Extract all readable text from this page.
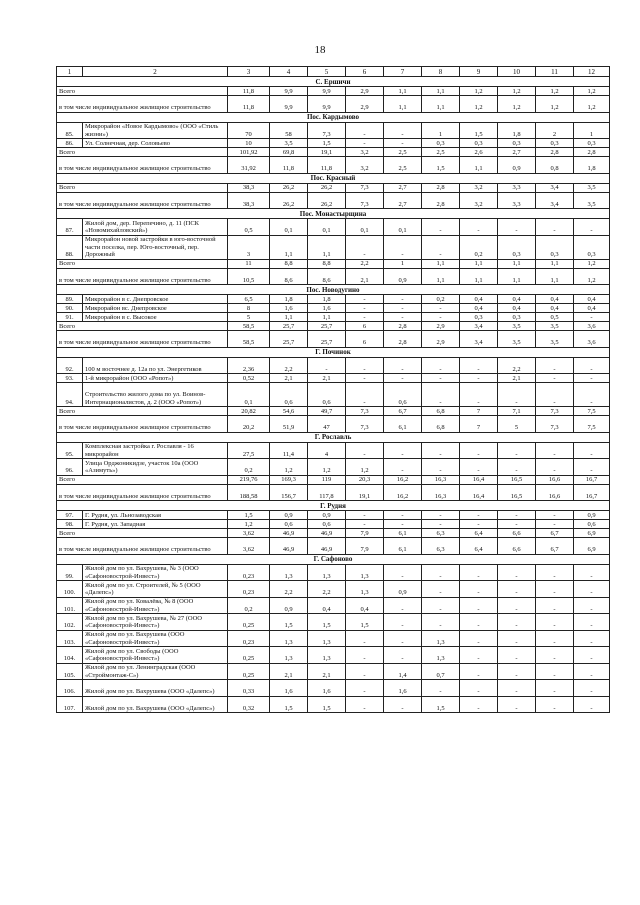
18
1	2	3	4	5	6	7	8	9	10	11	12
С. Ершичи											
Всего		11,8	9,9	9,9	2,9	1,1	1,1	1,2	1,2	1,2	1,2
в том числе индивидуальное жилищное строительство		11,8	9,9	9,9	2,9	1,1	1,1	1,2	1,2	1,2	1,2
Пос. Кардымово											
85.	Микрорайон «Новое Кардымово» (ООО «Стиль жизни»)	70	58	7,3	-	-	1	1,5	1,8	2	1
86.	Ул. Солнечная, дер. Соловьево	10	3,5	1,5	-	-	0,3	0,3	0,3	0,3	0,3
Всего		101,92	69,8	19,1	3,2	2,5	2,5	2,6	2,7	2,8	2,8
в том числе индивидуальное жилищное строительство		31,92	11,8	11,8	3,2	2,5	1,5	1,1	0,9	0,8	1,8
Пос. Красный											
Всего		38,3	26,2	26,2	7,3	2,7	2,8	3,2	3,3	3,4	3,5
в том числе индивидуальное жилищное строительство		38,3	26,2	26,2	7,3	2,7	2,8	3,2	3,3	3,4	3,5
Пос. Монастырщина											
87.	Жилой дом, дер. Перепечино, д. 11 (ПСК «Новомихайловский»)	0,5	0,1	0,1	0,1	0,1	-	-	-	-	-
88.	Микрорайон новой застройки в юго-восточной части поселка, пер. Юго-восточный, пер. Дорожный	3	1,1	1,1	-	-	-	0,2	0,3	0,3	0,3
Всего		11	8,8	8,8	2,2	1	1,1	1,1	1,1	1,1	1,2
в том числе индивидуальное жилищное строительство		10,5	8,6	8,6	2,1	0,9	1,1	1,1	1,1	1,1	1,2
Пос. Новодугино											
89.	Микрорайон в с. Днепровское	6,5	1,8	1,8	-	-	0,2	0,4	0,4	0,4	0,4
90.	Микрорайон вс. Днепровское	8	1,6	1,6	-	-	-	0,4	0,4	0,4	0,4
91.	Микрорайон в с. Высокое	5	1,1	1,1	-	-	-	0,3	0,3	0,5	-
Всего		58,5	25,7	25,7	6	2,8	2,9	3,4	3,5	3,5	3,6
в том числе индивидуальное жилищное строительство		58,5	25,7	25,7	6	2,8	2,9	3,4	3,5	3,5	3,6
Г. Починок											
92.	100 м восточнее д. 12а по ул. Энергетиков	2,36	2,2	-	-	-	-	-	2,2	-	-
93.	1-й микрорайон (ООО «Ропот»)	0,52	2,1	2,1	-	-	-	-	2,1	-	-
94.	Строительство жилого дома по ул. Воинов-Интернационалистов, д. 2 (ООО «Ропот»)	0,1	0,6	0,6	-	0,6	-	-	-	-	-
Всего		20,82	54,6	49,7	7,3	6,7	6,8	7	7,1	7,3	7,5
в том числе индивидуальное жилищное строительство		20,2	51,9	47	7,3	6,1	6,8	7	5	7,3	7,5
Г. Рославль											
95.	Комплексная застройка г. Рославля - 16 микрорайон	27,5	11,4	4	-	-	-	-	-	-	-
96.	Улица Орджоникидзе, участок 10а (ООО «Азимуть»)	0,2	1,2	1,2	1,2	-	-	-	-	-	-
Всего		219,76	169,3	119	20,3	16,2	16,3	16,4	16,5	16,6	16,7
в том числе индивидуальное жилищное строительство		188,58	156,7	117,8	19,1	16,2	16,3	16,4	16,5	16,6	16,7
Г. Рудня											
97.	Г. Рудня, ул. Льнозаводская	1,5	0,9	0,9	-	-	-	-	-	-	0,9
98.	Г. Рудня, ул. Западная	1,2	0,6	0,6	-	-	-	-	-	-	0,6
Всего		3,62	46,9	46,9	7,9	6,1	6,3	6,4	6,6	6,7	6,9
в том числе индивидуальное жилищное строительство		3,62	46,9	46,9	7,9	6,1	6,3	6,4	6,6	6,7	6,9
Г. Сафоново											
99.	Жилой дом по ул. Вахрушева, № 3 (ООО «Сафоновострой-Инвест»)	0,23	1,3	1,3	1,3	-	-	-	-	-	-
100.	Жилой дом по ул. Строителей, № 5 (ООО «Далепс»)	0,23	2,2	2,2	1,3	0,9	-	-	-	-	-
101.	Жилой дом по ул. Ковалёва, № 8 (ООО «Сафоновострой-Инвест»)	0,2	0,9	0,4	0,4	-	-	-	-	-	-
102.	Жилой дом по ул. Вахрушева, № 27 (ООО «Сафоновострой-Инвест»)	0,25	1,5	1,5	1,5	-	-	-	-	-	-
103.	Жилой дом по ул. Вахрушева (ООО «Сафоновострой-Инвест»)	0,23	1,3	1,3	-	-	1,3	-	-	-	-
104.	Жилой дом по ул. Свободы (ООО «Сафоновострой-Инвест»)	0,25	1,3	1,3	-	-	1,3	-	-	-	-
105.	Жилой дом по ул. Ленинградская (ООО «Строймонтаж-С»)	0,25	2,1	2,1	-	1,4	0,7	-	-	-	-
106.	Жилой дом по ул. Вахрушева (ООО «Далепс»)	0,33	1,6	1,6	-	1,6	-	-	-	-	-
107.	Жилой дом по ул. Вахрушева (ООО «Далепс»)	0,32	1,5	1,5	-	-	1,5	-	-	-	-
